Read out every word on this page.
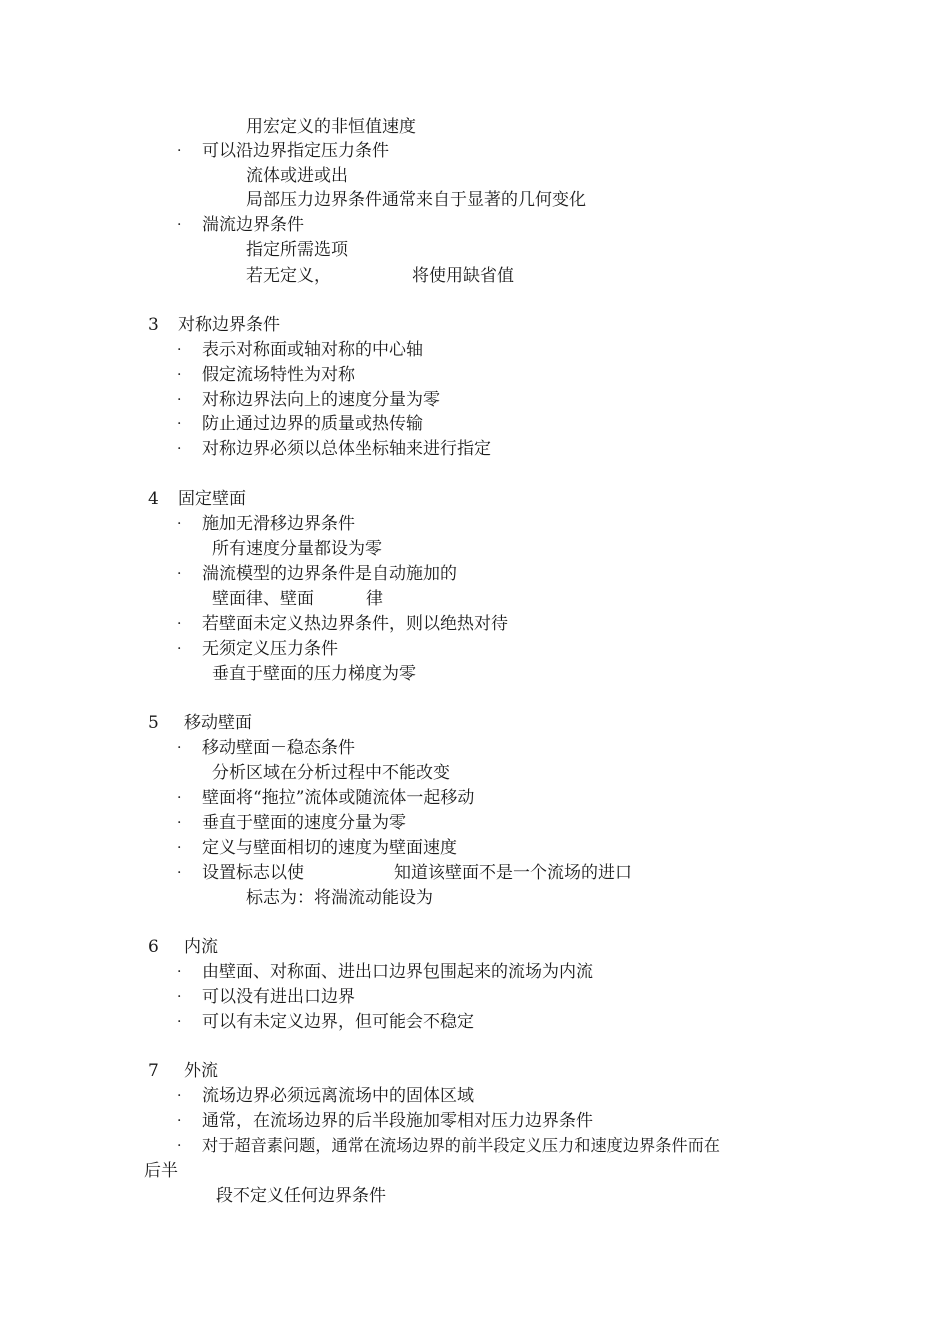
用宏定义的非恒值速度
· 可以沿边界指定压力条件
流体或进或出
局部压力边界条件通常来自于显著的几何变化
· 湍流边界条件
指定所需选项
若无定义，	将使用缺省值
3 对称边界条件
· 表示对称面或轴对称的中心轴
· 假定流场特性为对称
· 对称边界法向上的速度分量为零
· 防止通过边界的质量或热传输
· 对称边界必须以总体坐标轴来进行指定
4 固定壁面
· 施加无滑移边界条件
所有速度分量都设为零
· 湍流模型的边界条件是自动施加的
壁面律、壁面	律
· 若壁面未定义热边界条件，则以绝热对待
· 无须定义压力条件
垂直于壁面的压力梯度为零
5 移动壁面
· 移动壁面－稳态条件
分析区域在分析过程中不能改变
· 壁面将“拖拉”流体或随流体一起移动
· 垂直于壁面的速度分量为零
· 定义与壁面相切的速度为壁面速度
· 设置标志以使	知道该壁面不是一个流场的进口
标志为：将湍流动能设为
6 内流
· 由壁面、对称面、进出口边界包围起来的流场为内流
· 可以没有进出口边界
· 可以有未定义边界，但可能会不稳定
7 外流
· 流场边界必须远离流场中的固体区域
· 通常，在流场边界的后半段施加零相对压力边界条件
· 对于超音素问题，通常在流场边界的前半段定义压力和速度边界条件而在
后半
段不定义任何边界条件
